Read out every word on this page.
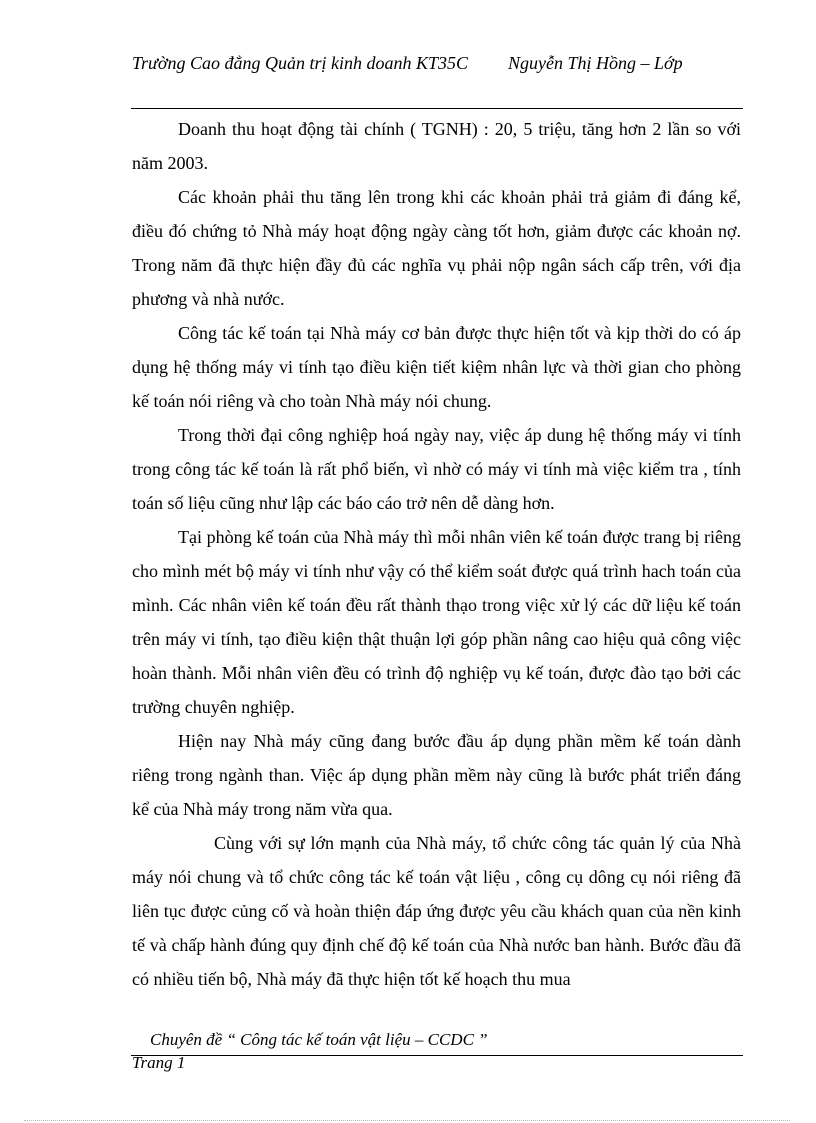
Trường Cao đẳng Quản trị kinh doanh KT35C	Nguyễn Thị Hồng – Lớp

Doanh thu hoạt động tài chính ( TGNH) : 20, 5 triệu, tăng hơn 2 lần so với năm 2003.

Các khoản phải thu tăng lên trong khi các khoản phải trả giảm đi đáng kể, điều đó chứng tỏ Nhà máy hoạt động ngày càng tốt hơn, giảm được các khoản nợ. Trong năm đã thực hiện đầy đủ các nghĩa vụ phải nộp ngân sách cấp trên, với địa phương và nhà nước.

Công tác kế toán tại Nhà máy cơ bản được thực hiện tốt và kịp thời do có áp dụng hệ thống máy vi tính tạo điều kiện tiết kiệm nhân lực và thời gian cho phòng kế toán nói riêng và cho toàn Nhà máy nói chung.

Trong thời đại công nghiệp hoá ngày nay, việc áp dung hệ thống máy vi tính trong công tác kế toán là rất phổ biến, vì nhờ có máy vi tính mà việc kiểm tra , tính toán số liệu cũng như lập các báo cáo trở nên dễ dàng hơn.

Tại phòng kế toán của Nhà máy thì mỗi nhân viên kế toán được trang bị riêng cho mình mét bộ máy vi tính như vậy có thể kiểm soát được quá trình hach toán của mình. Các nhân viên kế toán đều rất thành thạo trong việc xử lý các dữ liệu kế toán trên máy vi tính, tạo điều kiện thật thuận lợi góp phần nâng cao hiệu quả công việc hoàn thành. Mỗi nhân viên đều có trình độ nghiệp vụ kế toán, được đào tạo bởi các trường chuyên nghiệp.

Hiện nay Nhà máy cũng đang bước đầu áp dụng phần mềm kế toán dành riêng trong ngành than. Việc áp dụng phần mềm này cũng là bước phát triển đáng kể của Nhà máy trong năm vừa qua.

Cùng với sự lớn mạnh của Nhà máy, tổ chức công tác quản lý của Nhà máy nói chung và tổ chức công tác kế toán vật liệu , công cụ dông cụ nói riêng đã liên tục được củng cố và hoàn thiện đáp ứng được yêu cầu khách quan của nền kinh tế và chấp hành đúng quy định chế độ kế toán của Nhà nước ban hành. Bước đầu đã có nhiều tiến bộ, Nhà máy đã thực hiện tốt kế hoạch thu mua

Chuyên đề “ Công tác kế toán vật liệu – CCDC ”
Trang 1
